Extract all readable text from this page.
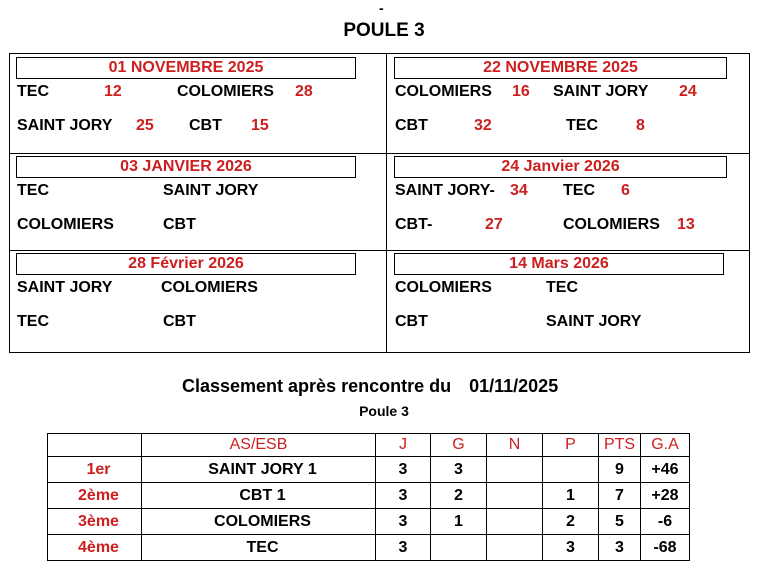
-
POULE 3
01 NOVEMBRE 2025
TEC	12	COLOMIERS 28
SAINT JORY 25 CBT 15
22 NOVEMBRE 2025
COLOMIERS 16 SAINT JORY 24
CBT	32	TEC 8
03 JANVIER 2026
TEC	SAINT JORY
COLOMIERS	CBT
24 Janvier 2026
SAINT JORY- 34 TEC 6
CBT-	27	COLOMIERS 13
28 Février 2026
SAINT JORY	COLOMIERS
TEC	CBT
14 Mars 2026
COLOMIERS	TEC
CBT	SAINT JORY
Classement après rencontre du 01/11/2025
Poule 3
	AS/ESB	J	G	N	P	PTS	G.A
1er	SAINT JORY 1	3	3			9	+46
2ème	CBT 1	3	2		1	7	+28
3ème	COLOMIERS	3	1		2	5	-6
4ème	TEC	3			3	3	-68
